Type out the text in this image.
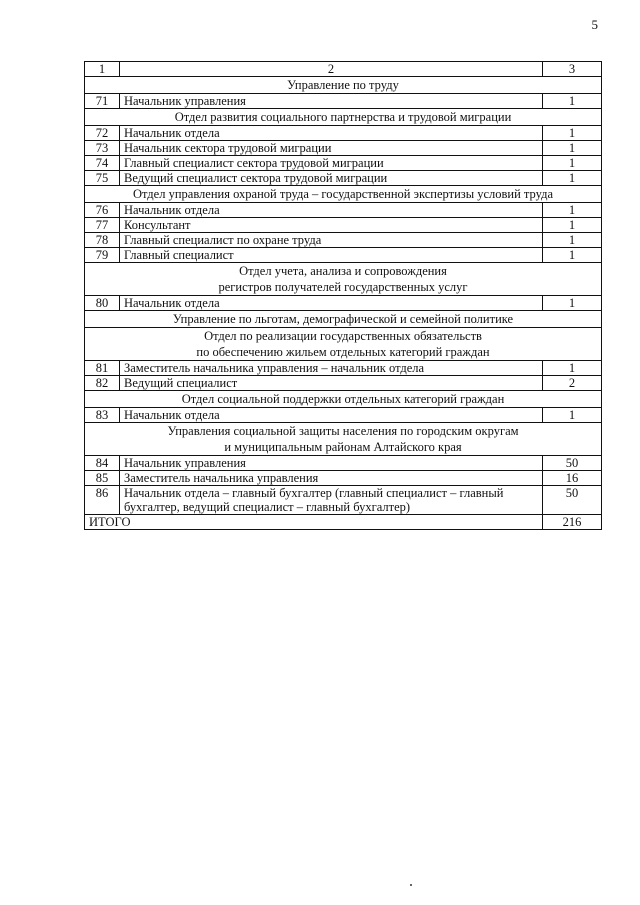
5
1	2	3

Управление по труду		

71	Начальник управления	1

Отдел развития социального партнерства и трудовой миграции		

72	Начальник отдела	1
73	Начальник сектора трудовой миграции	1
74	Главный специалист сектора трудовой миграции	1
75	Ведущий специалист сектора трудовой миграции	1

Отдел управления охраной труда – государственной экспертизы условий труда		

76	Начальник отдела	1
77	Консультант	1
78	Главный специалист по охране труда	1
79	Главный специалист	1

Отдел учета, анализа и сопровождения
регистров получателей государственных услуг		

80	Начальник отдела	1

Управление по льготам, демографической и семейной политике		

Отдел по реализации государственных обязательств
по обеспечению жильем отдельных категорий граждан		

81	Заместитель начальника управления – начальник отдела	1
82	Ведущий специалист	2

Отдел социальной поддержки отдельных категорий граждан		

83	Начальник отдела	1

Управления социальной защиты населения по городским округам
и муниципальным районам Алтайского края		

84	Начальник управления	50
85	Заместитель начальника управления	16
86	Начальник отдела – главный бухгалтер (главный специалист – главный бухгалтер, ведущий специалист – главный бухгалтер)	50
ИТОГО		216
